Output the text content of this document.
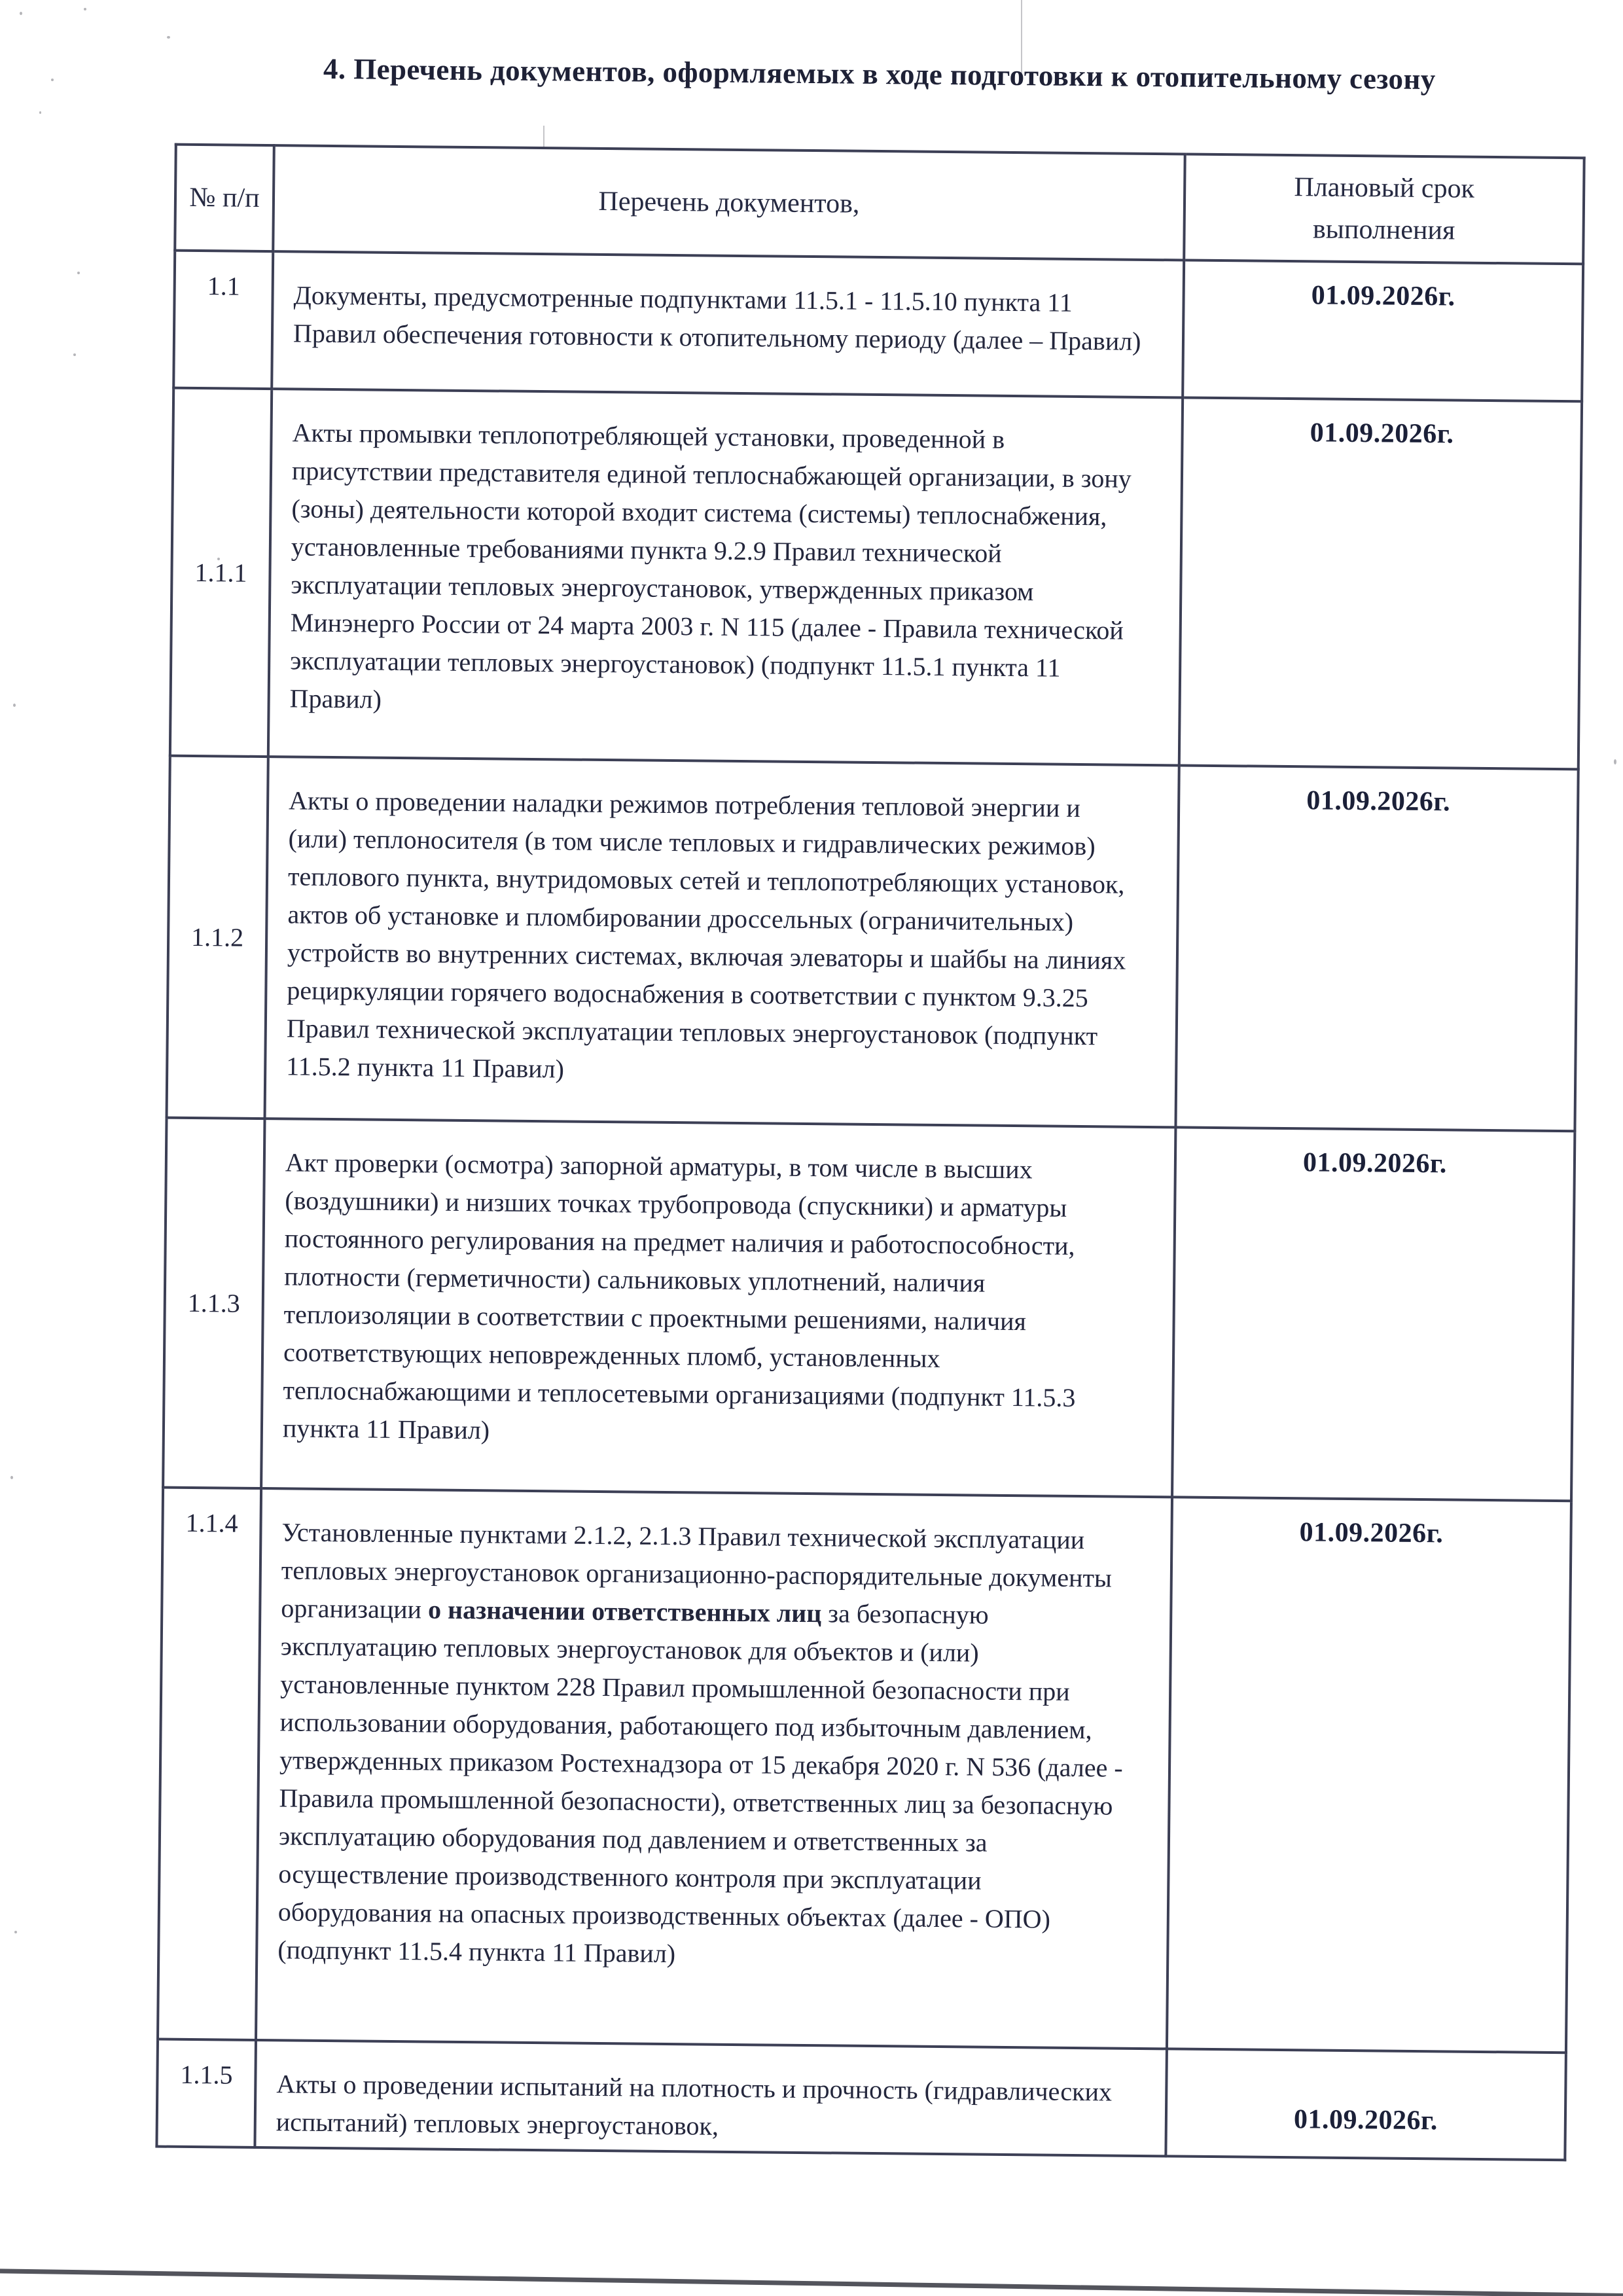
4. Перечень документов, оформляемых в ходе подготовки к отопительному сезону
№ п/п	Перечень документов,	Плановый срок выполнения

1.1	Документы, предусмотренные подпунктами 11.5.1 - 11.5.10 пункта 11 Правил обеспечения готовности к отопительному периоду (далее – Правил)	01.09.2026г.
1.1.1	Акты промывки теплопотребляющей установки, проведенной в присутствии представителя единой теплоснабжающей организации, в зону (зоны) деятельности которой входит система (системы) теплоснабжения, установленные требованиями пункта 9.2.9 Правил технической эксплуатации тепловых энергоустановок, утвержденных приказом Минэнерго России от 24 марта 2003 г. N 115 (далее - Правила технической эксплуатации тепловых энергоустановок) (подпункт 11.5.1 пункта 11 Правил)	01.09.2026г.
1.1.2	Акты о проведении наладки режимов потребления тепловой энергии и (или) теплоносителя (в том числе тепловых и гидравлических режимов) теплового пункта, внутридомовых сетей и теплопотребляющих установок, актов об установке и пломбировании дроссельных (ограничительных) устройств во внутренних системах, включая элеваторы и шайбы на линиях рециркуляции горячего водоснабжения в соответствии с пунктом 9.3.25 Правил технической эксплуатации тепловых энергоустановок (подпункт 11.5.2 пункта 11 Правил)	01.09.2026г.
1.1.3	Акт проверки (осмотра) запорной арматуры, в том числе в высших (воздушники) и низших точках трубопровода (спускники) и арматуры постоянного регулирования на предмет наличия и работоспособности, плотности (герметичности) сальниковых уплотнений, наличия теплоизоляции в соответствии с проектными решениями, наличия соответствующих неповрежденных пломб, установленных теплоснабжающими и теплосетевыми организациями (подпункт 11.5.3 пункта 11 Правил)	01.09.2026г.
1.1.4	Установленные пунктами 2.1.2, 2.1.3 Правил технической эксплуатации тепловых энергоустановок организационно-распорядительные документы организации о назначении ответственных лиц за безопасную эксплуатацию тепловых энергоустановок для объектов и (или) установленные пунктом 228 Правил промышленной безопасности при использовании оборудования, работающего под избыточным давлением, утвержденных приказом Ростехнадзора от 15 декабря 2020 г. N 536 (далее - Правила промышленной безопасности), ответственных лиц за безопасную эксплуатацию оборудования под давлением и ответственных за осуществление производственного контроля при эксплуатации оборудования на опасных производственных объектах (далее - ОПО) (подпункт 11.5.4 пункта 11 Правил)	01.09.2026г.
1.1.5	Акты о проведении испытаний на плотность и прочность (гидравлических испытаний) тепловых энергоустановок,	01.09.2026г.
